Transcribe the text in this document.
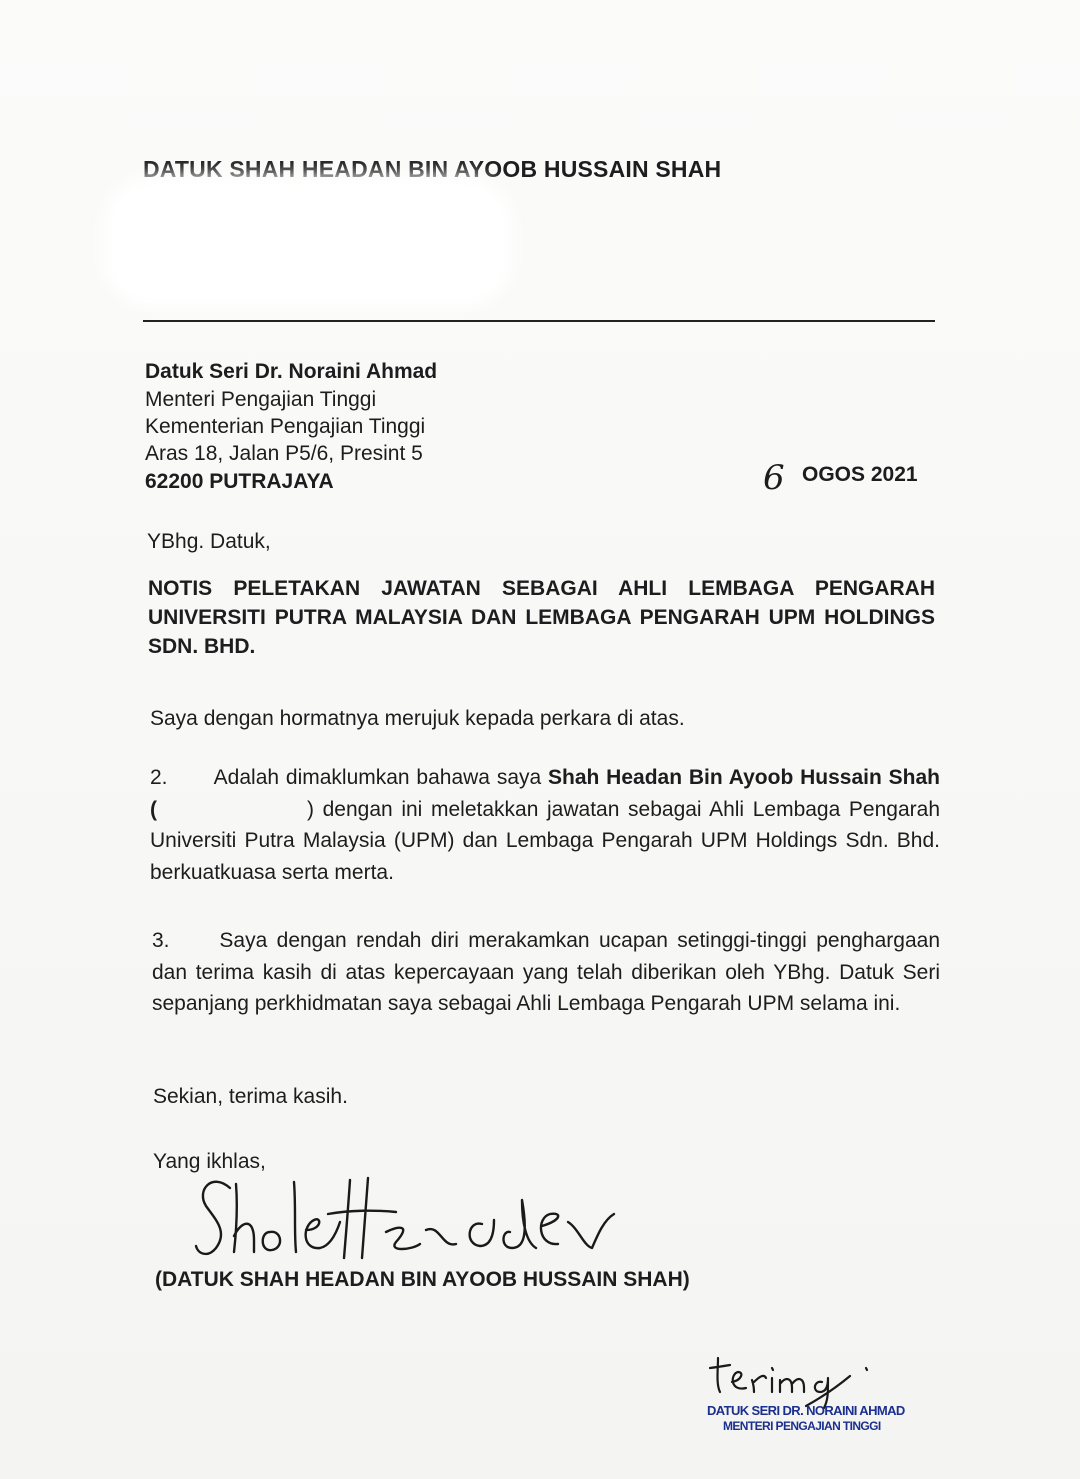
DATUK SHAH HEADAN BIN AYOOB HUSSAIN SHAH
Datuk Seri Dr. Noraini Ahmad
Menteri Pengajian Tinggi
Kementerian Pengajian Tinggi
Aras 18, Jalan P5/6, Presint 5
62200 PUTRAJAYA	6 OGOS 2021
YBhg. Datuk,
NOTIS PELETAKAN JAWATAN SEBAGAI AHLI LEMBAGA PENGARAH UNIVERSITI PUTRA MALAYSIA DAN LEMBAGA PENGARAH UPM HOLDINGS SDN. BHD.
Saya dengan hormatnya merujuk kepada perkara di atas.
2. Adalah dimaklumkan bahawa saya Shah Headan Bin Ayoob Hussain Shah (	) dengan ini meletakkan jawatan sebagai Ahli Lembaga Pengarah Universiti Putra Malaysia (UPM) dan Lembaga Pengarah UPM Holdings Sdn. Bhd. berkuatkuasa serta merta.
3. Saya dengan rendah diri merakamkan ucapan setinggi-tinggi penghargaan dan terima kasih di atas kepercayaan yang telah diberikan oleh YBhg. Datuk Seri sepanjang perkhidmatan saya sebagai Ahli Lembaga Pengarah UPM selama ini.
Sekian, terima kasih.
Yang ikhlas,
(DATUK SHAH HEADAN BIN AYOOB HUSSAIN SHAH)
DATUK SERI DR. NORAINI AHMAD
MENTERI PENGAJIAN TINGGI
